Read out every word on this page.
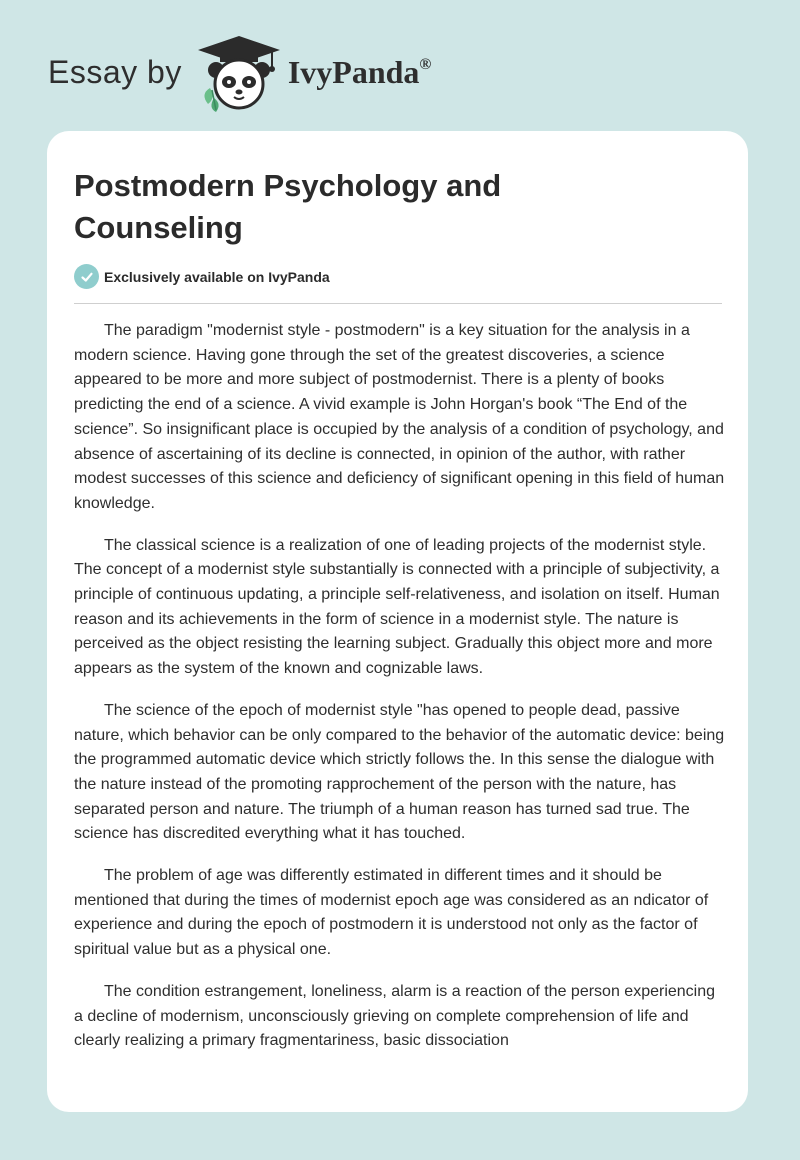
Essay by	IvyPanda®
Postmodern Psychology and Counseling
Exclusively available on IvyPanda

The paradigm "modernist style - postmodern" is a key situation for the analysis in a modern science. Having gone through the set of the greatest discoveries, a science appeared to be more and more subject of postmodernist. There is a plenty of books predicting the end of a science. A vivid example is John Horgan's book “The End of the science”. So insignificant place is occupied by the analysis of a condition of psychology, and absence of ascertaining of its decline is connected, in opinion of the author, with rather modest successes of this science and deficiency of significant opening in this field of human knowledge.

The classical science is a realization of one of leading projects of the modernist style. The concept of a modernist style substantially is connected with a principle of subjectivity, a principle of continuous updating, a principle self-relativeness, and isolation on itself. Human reason and its achievements in the form of science in a modernist style. The nature is perceived as the object resisting the learning subject. Gradually this object more and more appears as the system of the known and cognizable laws.

The science of the epoch of modernist style "has opened to people dead, passive nature, which behavior can be only compared to the behavior of the automatic device: being the programmed automatic device which strictly follows the. In this sense the dialogue with the nature instead of the promoting rapprochement of the person with the nature, has separated person and nature. The triumph of a human reason has turned sad true. The science has discredited everything what it has touched.

The problem of age was differently estimated in different times and it should be mentioned that during the times of modernist epoch age was considered as an ndicator of experience and during the epoch of postmodern it is understood not only as the factor of spiritual value but as a physical one.

The condition estrangement, loneliness, alarm is a reaction of the person experiencing a decline of modernism, unconsciously grieving on complete comprehension of life and clearly realizing a primary fragmentariness, basic dissociation
